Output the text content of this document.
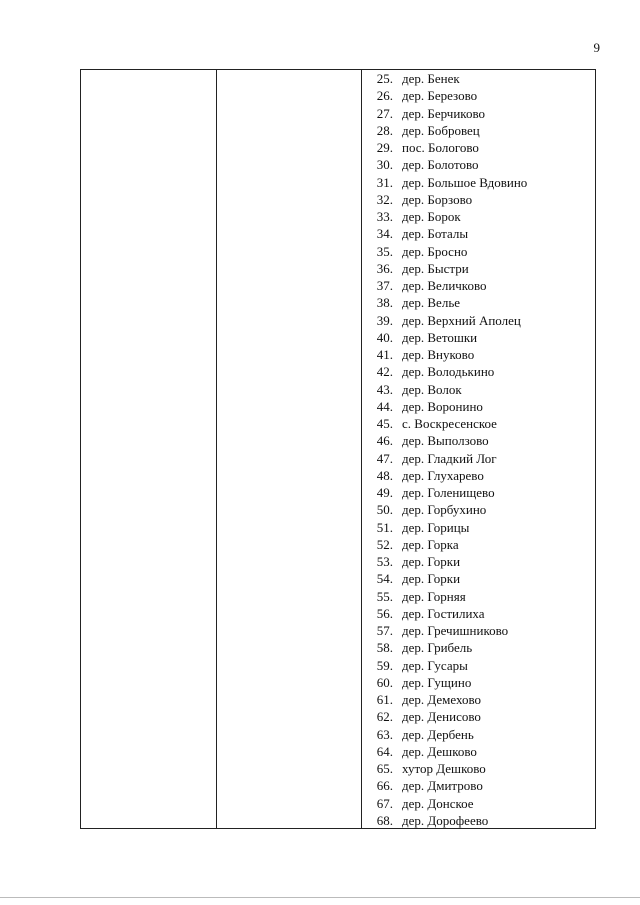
9
25. дер. Бенек
26. дер. Березово
27. дер. Берчиково
28. дер. Бобровец
29. пос. Бологово
30. дер. Болотово
31. дер. Большое Вдовино
32. дер. Борзово
33. дер. Борок
34. дер. Боталы
35. дер. Бросно
36. дер. Быстри
37. дер. Величково
38. дер. Велье
39. дер. Верхний Аполец
40. дер. Ветошки
41. дер. Внуково
42. дер. Володькино
43. дер. Волок
44. дер. Воронино
45. с. Воскресенское
46. дер. Выползово
47. дер. Гладкий Лог
48. дер. Глухарево
49. дер. Голенищево
50. дер. Горбухино
51. дер. Горицы
52. дер. Горка
53. дер. Горки
54. дер. Горки
55. дер. Горняя
56. дер. Гостилиха
57. дер. Гречишниково
58. дер. Грибель
59. дер. Гусары
60. дер. Гущино
61. дер. Демехово
62. дер. Денисово
63. дер. Дербень
64. дер. Дешково
65. хутор Дешково
66. дер. Дмитрово
67. дер. Донское
68. дер. Дорофеево
